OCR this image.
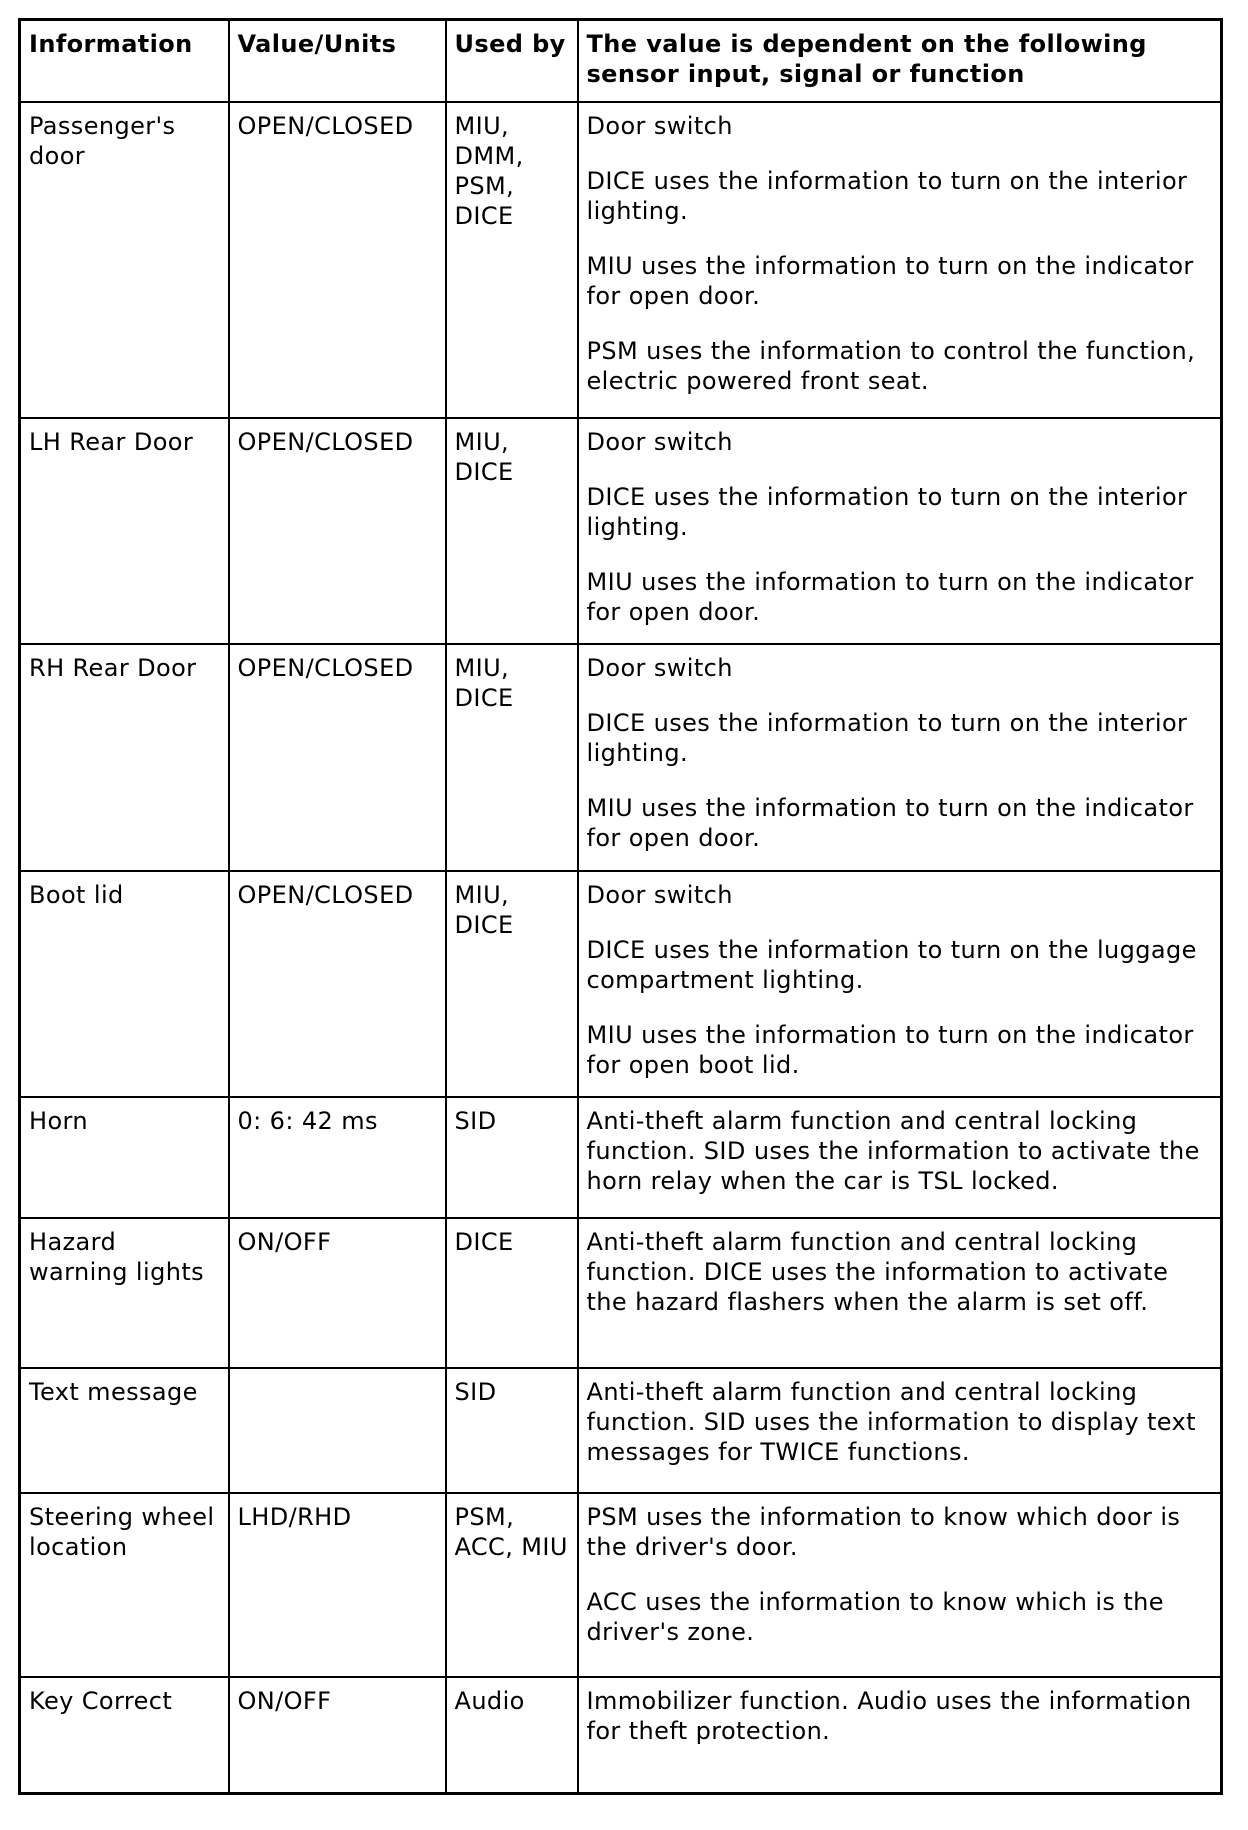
Information	Value/Units	Used by	The value is dependent on the following sensor input, signal or function
Passenger's door	OPEN/CLOSED	MIU, DMM, PSM, DICE	Door switch

DICE uses the information to turn on the interior lighting.

MIU uses the information to turn on the indicator for open door.

PSM uses the information to control the function, electric powered front seat.

LH Rear Door	OPEN/CLOSED	MIU, DICE	Door switch

DICE uses the information to turn on the interior lighting.

MIU uses the information to turn on the indicator for open door.

RH Rear Door	OPEN/CLOSED	MIU, DICE	Door switch

DICE uses the information to turn on the interior lighting.

MIU uses the information to turn on the indicator for open door.

Boot lid	OPEN/CLOSED	MIU, DICE	Door switch

DICE uses the information to turn on the luggage compartment lighting.

MIU uses the information to turn on the indicator for open boot lid.

Horn	0: 6: 42 ms	SID	Anti-theft alarm function and central locking function. SID uses the information to activate the horn relay when the car is TSL locked.

Hazard warning lights	ON/OFF	DICE	Anti-theft alarm function and central locking function. DICE uses the information to activate the hazard flashers when the alarm is set off.

Text message		SID	Anti-theft alarm function and central locking function. SID uses the information to display text messages for TWICE functions.

Steering wheel location	LHD/RHD	PSM, ACC, MIU	PSM uses the information to know which door is the driver's door.

ACC uses the information to know which is the driver's zone.

Key Correct	ON/OFF	Audio	Immobilizer function. Audio uses the information for theft protection.
